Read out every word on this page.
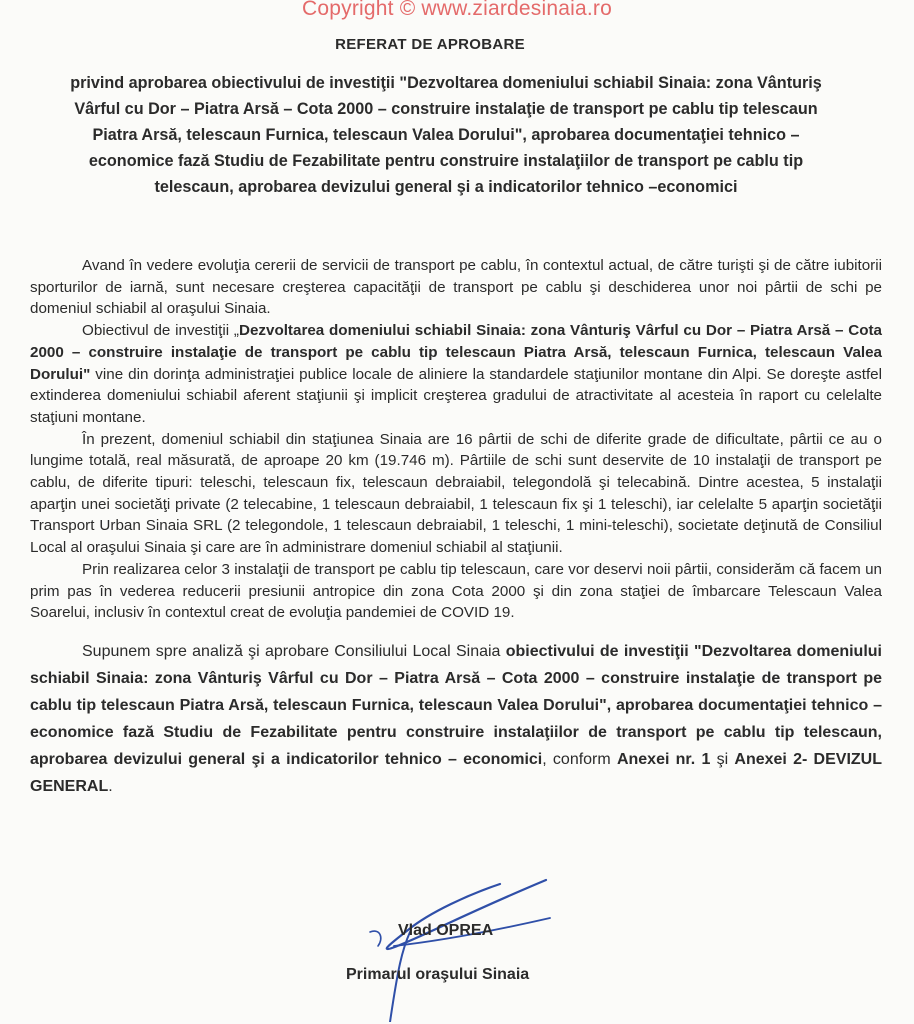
Copyright © www.ziardesinaia.ro
REFERAT DE APROBARE
privind aprobarea obiectivului de investiţii "Dezvoltarea domeniului schiabil Sinaia: zona Vânturiş
Vârful cu Dor – Piatra Arsă – Cota 2000 – construire instalaţie de transport pe cablu tip telescaun
Piatra Arsă, telescaun Furnica, telescaun Valea Dorului", aprobarea documentaţiei tehnico –
economice fază Studiu de Fezabilitate pentru construire instalaţiilor de transport pe cablu tip
telescaun, aprobarea devizului general şi a indicatorilor tehnico –economici

Avand în vedere evoluţia cererii de servicii de transport pe cablu, în contextul actual, de către turişti şi de către iubitorii sporturilor de iarnă, sunt necesare creşterea capacităţii de transport pe cablu şi deschiderea unor noi pârtii de schi pe domeniul schiabil al oraşului Sinaia.

Obiectivul de investiţii „Dezvoltarea domeniului schiabil Sinaia: zona Vânturiş Vârful cu Dor – Piatra Arsă – Cota 2000 – construire instalaţie de transport pe cablu tip telescaun Piatra Arsă, telescaun Furnica, telescaun Valea Dorului" vine din dorinţa administraţiei publice locale de aliniere la standardele staţiunilor montane din Alpi. Se doreşte astfel extinderea domeniului schiabil aferent staţiunii şi implicit creşterea gradului de atractivitate al acesteia în raport cu celelalte staţiuni montane.

În prezent, domeniul schiabil din staţiunea Sinaia are 16 pârtii de schi de diferite grade de dificultate, pârtii ce au o lungime totală, real măsurată, de aproape 20 km (19.746 m). Pârtiile de schi sunt deservite de 10 instalaţii de transport pe cablu, de diferite tipuri: teleschi, telescaun fix, telescaun debraiabil, telegondolă şi telecabină. Dintre acestea, 5 instalaţii aparţin unei societăţi private (2 telecabine, 1 telescaun debraiabil, 1 telescaun fix şi 1 teleschi), iar celelalte 5 aparţin societăţii Transport Urban Sinaia SRL (2 telegondole, 1 telescaun debraiabil, 1 teleschi, 1 mini-teleschi), societate deţinută de Consiliul Local al oraşului Sinaia şi care are în administrare domeniul schiabil al staţiunii.

Prin realizarea celor 3 instalaţii de transport pe cablu tip telescaun, care vor deservi noii pârtii, considerăm că facem un prim pas în vederea reducerii presiunii antropice din zona Cota 2000 şi din zona staţiei de îmbarcare Telescaun Valea Soarelui, inclusiv în contextul creat de evoluţia pandemiei de COVID 19.

Supunem spre analiză şi aprobare Consiliului Local Sinaia obiectivului de investiţii "Dezvoltarea domeniului schiabil Sinaia: zona Vânturiş Vârful cu Dor – Piatra Arsă – Cota 2000 – construire instalaţie de transport pe cablu tip telescaun Piatra Arsă, telescaun Furnica, telescaun Valea Dorului", aprobarea documentaţiei tehnico – economice fază Studiu de Fezabilitate pentru construire instalaţiilor de transport pe cablu tip telescaun, aprobarea devizului general şi a indicatorilor tehnico – economici, conform Anexei nr. 1 şi Anexei 2- DEVIZUL GENERAL.

Vlad OPREA
Primarul oraşului Sinaia
